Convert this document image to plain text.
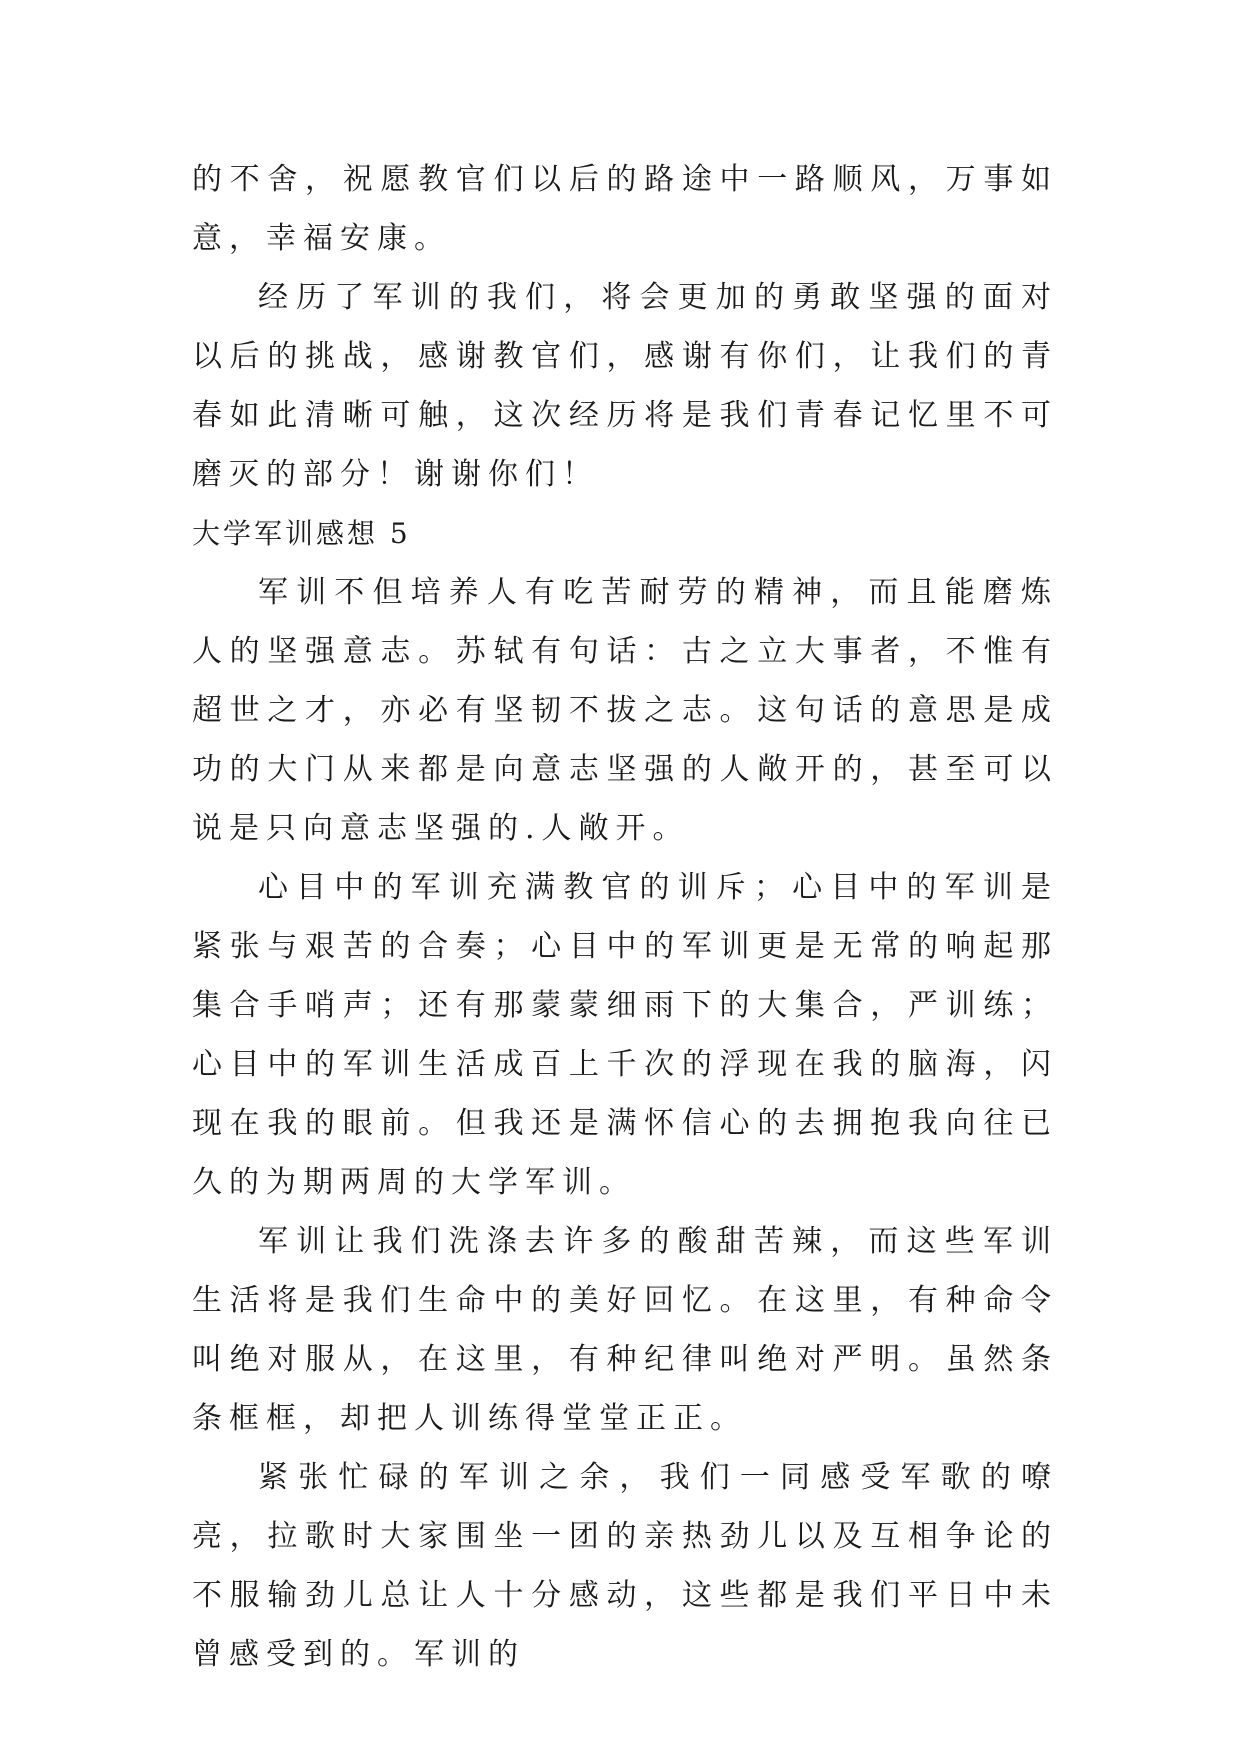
的不舍，祝愿教官们以后的路途中一路顺风，万事如意，幸福安康。

经历了军训的我们，将会更加的勇敢坚强的面对以后的挑战，感谢教官们，感谢有你们，让我们的青春如此清晰可触，这次经历将是我们青春记忆里不可磨灭的部分！谢谢你们！

大学军训感想 5

军训不但培养人有吃苦耐劳的精神，而且能磨炼人的坚强意志。苏轼有句话：古之立大事者，不惟有超世之才，亦必有坚韧不拔之志。这句话的意思是成功的大门从来都是向意志坚强的人敞开的，甚至可以说是只向意志坚强的.人敞开。

心目中的军训充满教官的训斥；心目中的军训是紧张与艰苦的合奏；心目中的军训更是无常的响起那集合手哨声；还有那蒙蒙细雨下的大集合，严训练；心目中的军训生活成百上千次的浮现在我的脑海，闪现在我的眼前。但我还是满怀信心的去拥抱我向往已久的为期两周的大学军训。

军训让我们洗涤去许多的酸甜苦辣，而这些军训生活将是我们生命中的美好回忆。在这里，有种命令叫绝对服从，在这里，有种纪律叫绝对严明。虽然条条框框，却把人训练得堂堂正正。

紧张忙碌的军训之余，我们一同感受军歌的嘹亮，拉歌时大家围坐一团的亲热劲儿以及互相争论的不服输劲儿总让人十分感动，这些都是我们平日中未曾感受到的。军训的
